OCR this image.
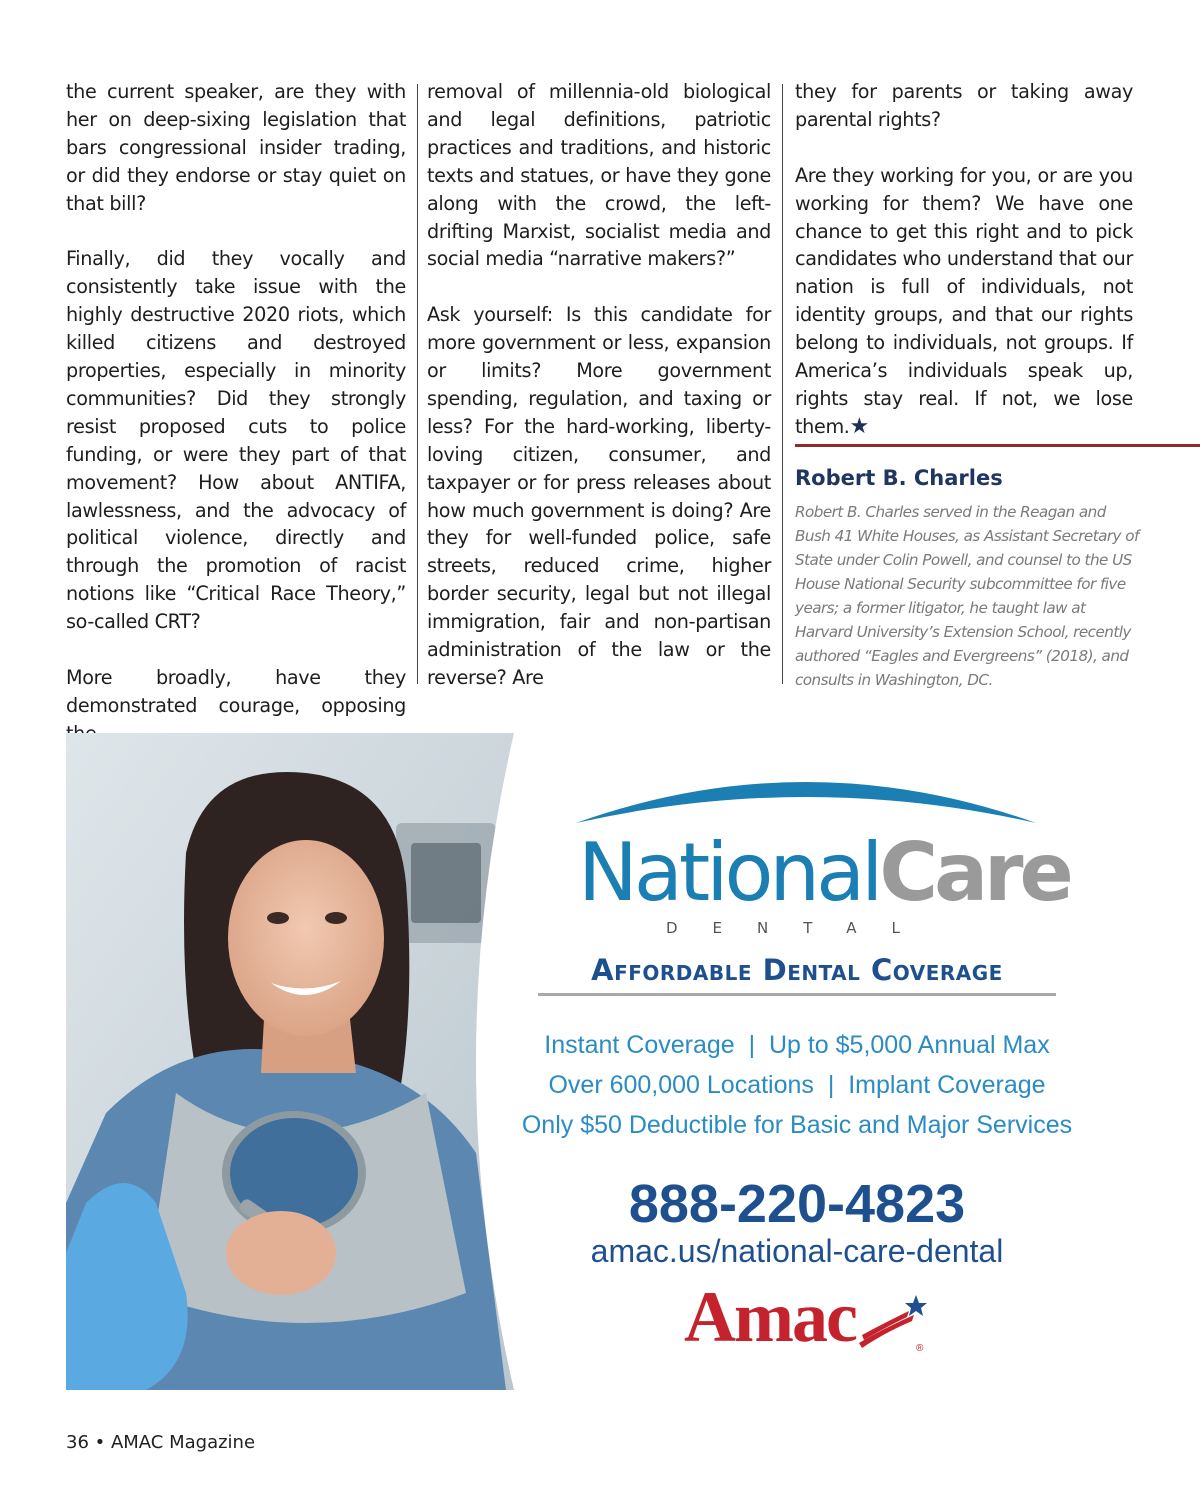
the current speaker, are they with her on deep-sixing legislation that bars congressional insider trading, or did they endorse or stay quiet on that bill?

Finally, did they vocally and consistently take issue with the highly destructive 2020 riots, which killed citizens and destroyed properties, especially in minority communities? Did they strongly resist proposed cuts to police funding, or were they part of that movement? How about ANTIFA, lawlessness, and the advocacy of political violence, directly and through the promotion of racist notions like “Critical Race Theory,” so-called CRT?

More broadly, have they demonstrated courage, opposing

removal of millennia-old biological and legal definitions, patriotic practices and traditions, and historic texts and statues, or have they gone along with the crowd, the left-drifting Marxist, socialist media and social media “narrative makers?”

Ask yourself: Is this candidate for more government or less, expansion or limits? More government spending, regulation, and taxing or less? For the hard-working, liberty-loving citizen, consumer, and taxpayer or for press releases about how much government is doing? Are they for well-funded police, safe streets, reduced crime, higher border security, legal but not illegal immigration, fair and non-partisan administration of the law or the reverse? Are

they for parents or taking away parental rights?

Are they working for you, or are you working for them? We have one chance to get this right and to pick candidates who understand that our nation is full of individuals, not identity groups, and that our rights belong to individuals, not groups. If America’s individuals speak up, rights stay real. If not, we lose them.★

Robert B. Charles
Robert B. Charles served in the Reagan and Bush 41 White Houses, as Assistant Secretary of State under Colin Powell, and counsel to the US House National Security subcommittee for five years; a former litigator, he taught law at Harvard University’s Extension School, recently authored “Eagles and Evergreens” (2018), and consults in Washington, DC.
NationalCare
DENTAL
Affordable Dental Coverage
Instant Coverage  |  Up to $5,000 Annual Max
Over 600,000 Locations  |  Implant Coverage
Only $50 Deductible for Basic and Major Services
888-220-4823
amac.us/national-care-dental
Amac	®
36 • AMAC Magazine
